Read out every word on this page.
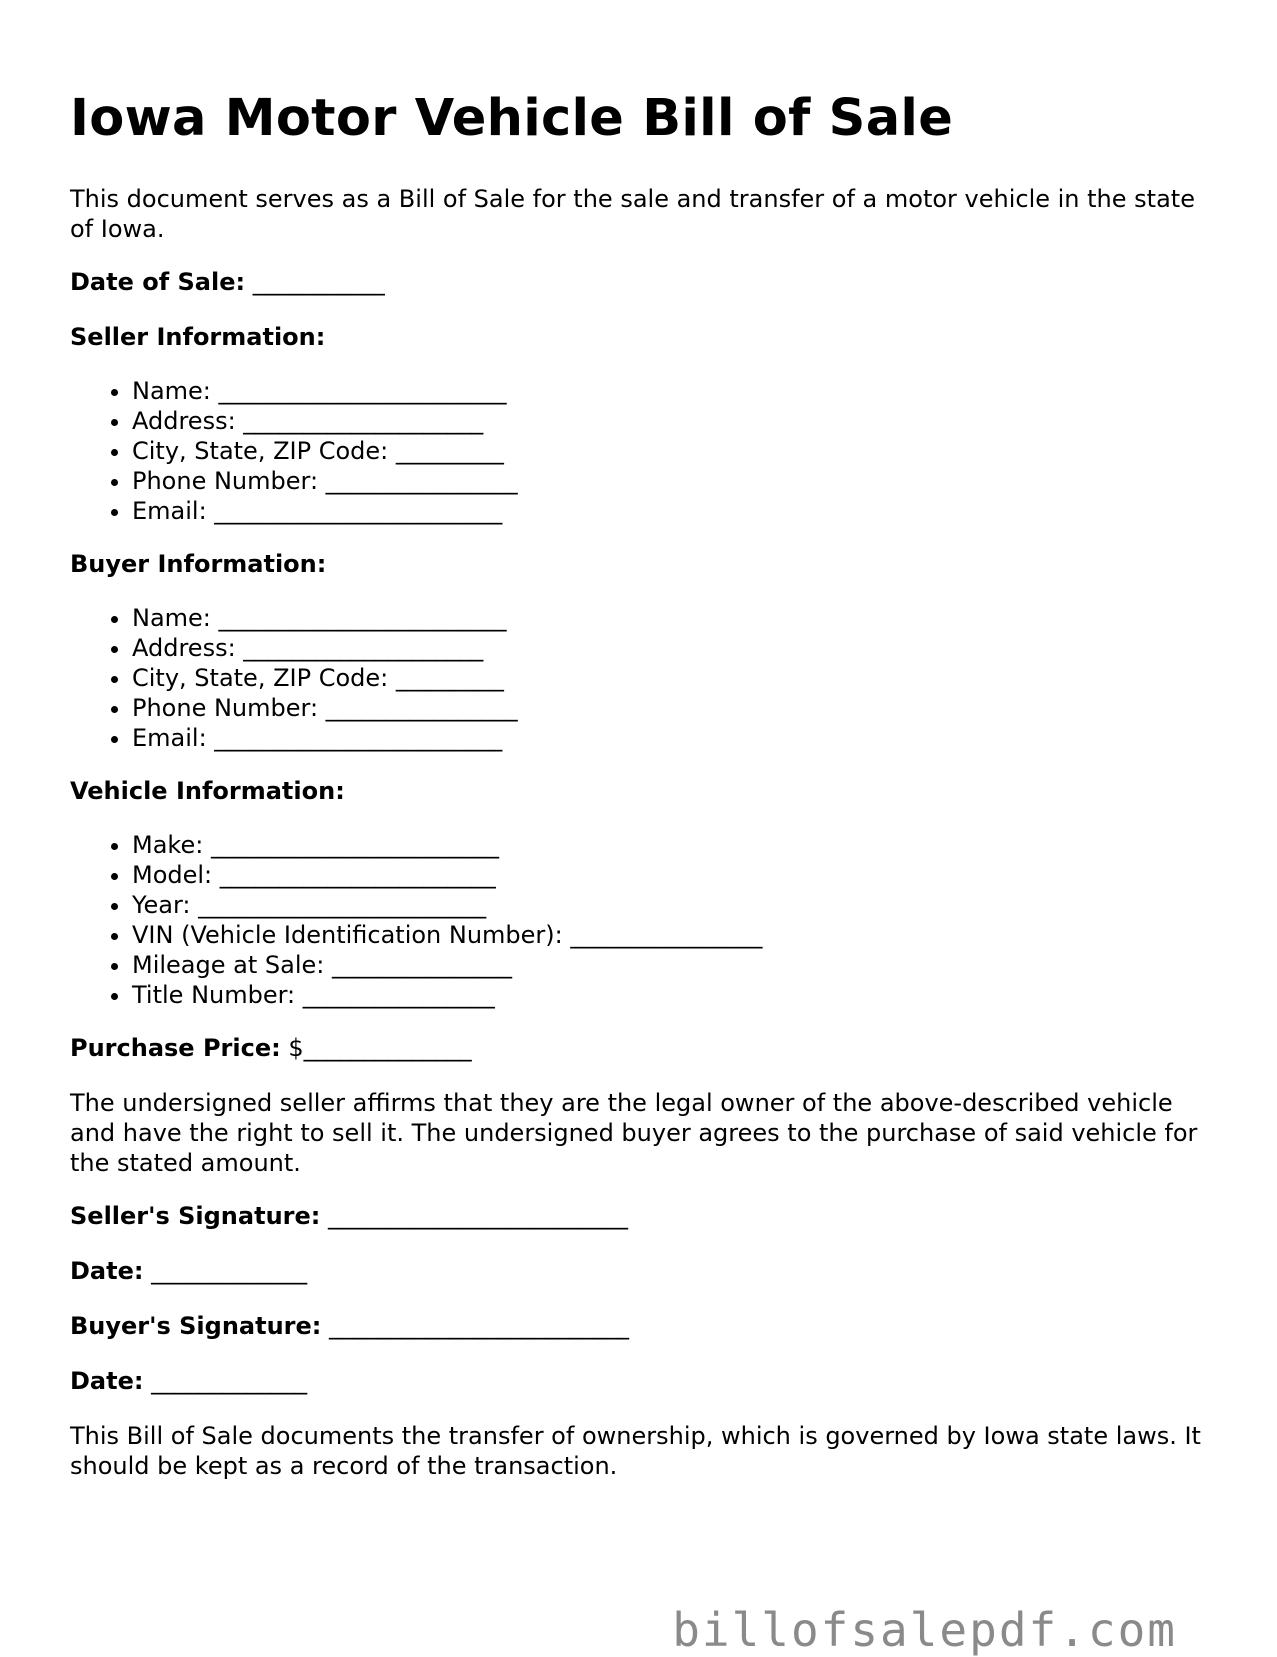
Iowa Motor Vehicle Bill of Sale

This document serves as a Bill of Sale for the sale and transfer of a motor vehicle in the state of Iowa.

Date of Sale: ___________

Seller Information:
• Name: ________________________
• Address: ____________________
• City, State, ZIP Code: _________
• Phone Number: ________________
• Email: ________________________
Buyer Information:
• Name: ________________________
• Address: ____________________
• City, State, ZIP Code: _________
• Phone Number: ________________
• Email: ________________________
Vehicle Information:
• Make: ________________________
• Model: _______________________
• Year: ________________________
• VIN (Vehicle Identification Number): ________________
• Mileage at Sale: _______________
• Title Number: ________________

Purchase Price: $______________

The undersigned seller affirms that they are the legal owner of the above-described vehicle and have the right to sell it. The undersigned buyer agrees to the purchase of said vehicle for the stated amount.

Seller's Signature: _________________________

Date: _____________

Buyer's Signature: _________________________

Date: _____________

This Bill of Sale documents the transfer of ownership, which is governed by Iowa state laws. It should be kept as a record of the transaction.

billofsalepdf.com
